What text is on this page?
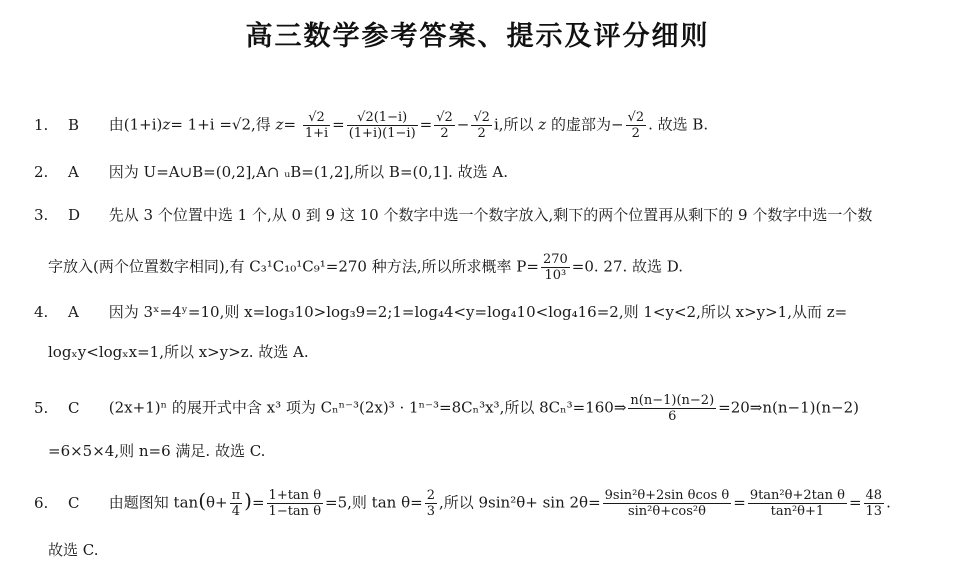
高三数学参考答案、提示及评分细则
1. B 由(1+i)z= 1+i =√2,得 $z= \frac{√2}{1+i} = \frac{√2(1-i)}{(1+i)(1-i)} = \frac{√2}{2} - \frac{√2}{2} i$,所以 z 的虚部为− $\frac{√2}{2}$ . 故选 B.
2. A 因为 U=A∪B=(0,2],A∩ ᵤB=(1,2],所以 B=(0,1]. 故选 A.
3. D 先从 3 个位置中选 1 个,从 0 到 9 这 10 个数字中选一个数字放入,剩下的两个位置再从剩下的 9 个数字中选一个数
字放入(两个位置数字相同),有 C₃¹C₁₀¹C₉¹=270 种方法,所以所求概率 $P= \frac{270}{\text{10³}} =0$. 27. 故选 D.
4. A 因为 3ˣ=4ʸ=10,则 x=log₃10>log₃9=2;1=log₄4<y=log₄10<log₄16=2,则 1<y<2,所以 x>y>1,从而 z=
logₓy<logₓx=1,所以 x>y>z. 故选 A.
5. C (2x+1)ⁿ 的展开式中含 x³ 项为 Cₙⁿ⁻³(2x)³ · 1ⁿ⁻³=8Cₙ³x³,所以 8Cₙ³=160⇒ $\frac{n(n-1)(n-2)}{6}$ =20⇒n(n−1)(n−2)
=6×5×4,则 n=6 满足. 故选 C.
6. C 由题图知 $\tan(\theta+ \frac{\pi}{4}$ )= $\frac{\text{1+tan θ}}{\text{1−tan θ}} =5$,则 $\tan \theta= \frac{2}{3}$ ,所以 $9\sin^2\theta+ \sin 2\theta= \frac{\text{9sin²θ+2sin θcos θ}}{\text{sin²θ+cos²θ}} = \frac{\text{9tan²θ+2tan θ}}{\text{tan²θ+1}} = \frac{48}{13}$ .
故选 C.
